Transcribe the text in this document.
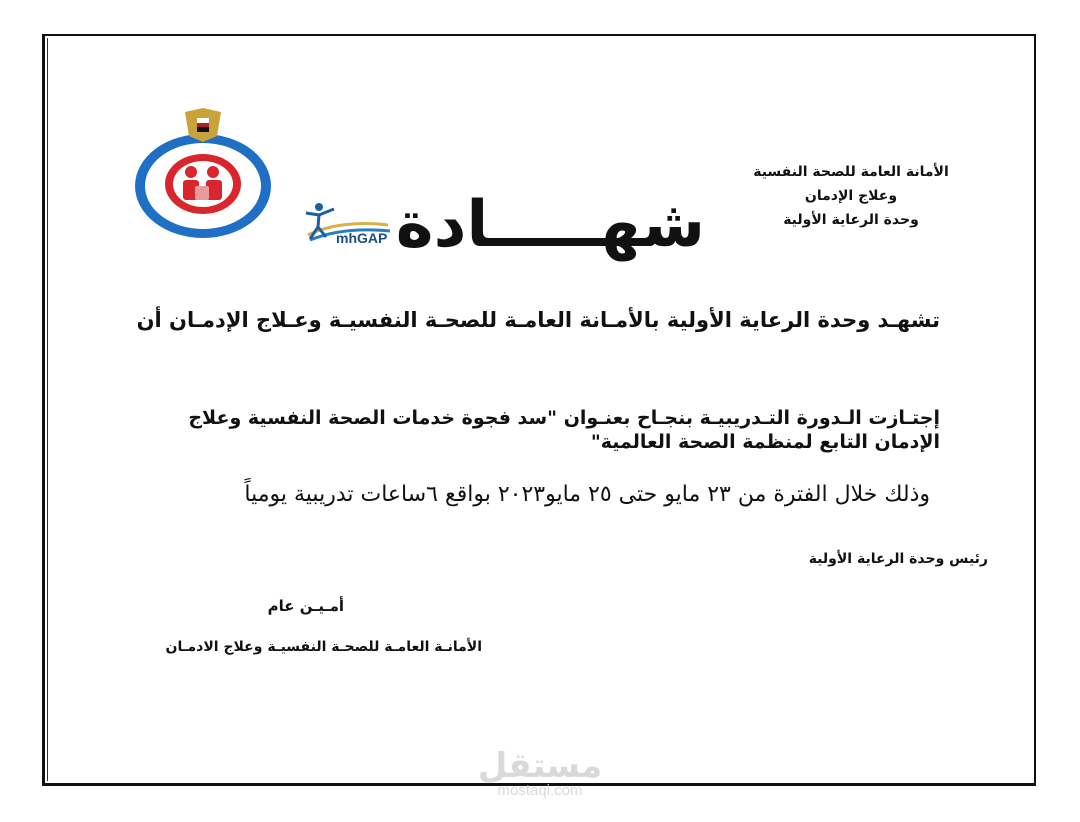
mhGAP شهـــــادة
الأمانة العامة للصحة النفسية
وعلاج الإدمان
وحدة الرعاية الأولية
تشهـد وحدة الرعاية الأولية بالأمـانة العامـة للصحـة النفسيـة وعـلاج الإدمـان أن
إجتـازت الـدورة التـدريبيـة بنجـاح بعنـوان "سد فجوة خدمات الصحة النفسية وعلاج الإدمان التابع لمنظمة الصحة العالمية"
وذلك خلال الفترة من ٢٣ مايو حتى ٢٥ مايو٢٠٢٣ بواقع ٦ساعات تدريبية يومياً
رئيس وحدة الرعاية الأولية
أمـيـن عام
الأمانـة العامـة للصحـة النفسيـة وعلاج الادمـان
مستقل
mostaqi.com
